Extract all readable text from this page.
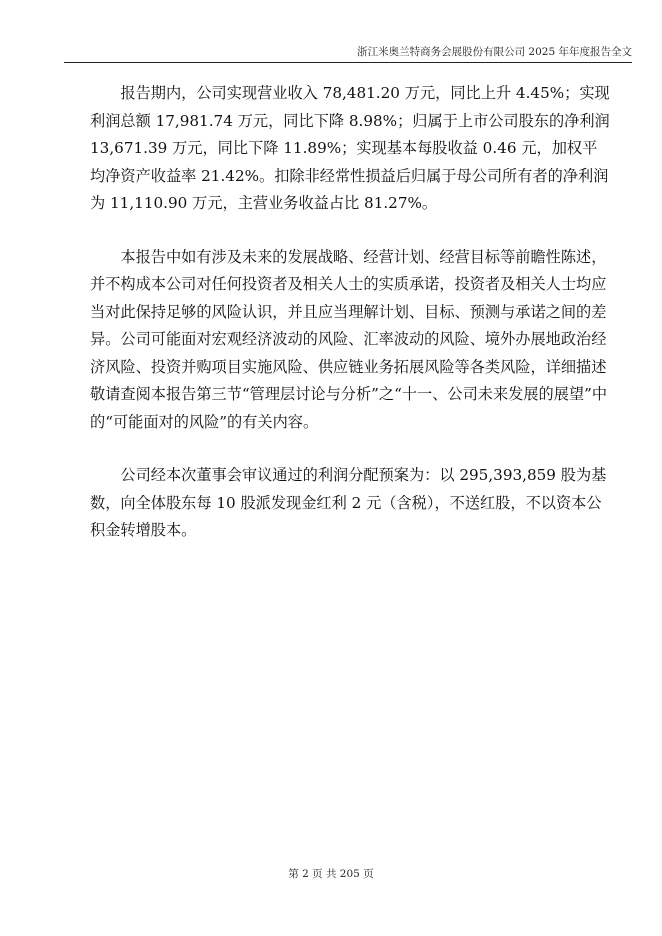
浙江米奥兰特商务会展股份有限公司 2025 年年度报告全文

报告期内，公司实现营业收入 78,481.20 万元，同比上升 4.45%；实现利润总额 17,981.74 万元，同比下降 8.98%；归属于上市公司股东的净利润 13,671.39 万元，同比下降 11.89%；实现基本每股收益 0.46 元，加权平均净资产收益率 21.42%。扣除非经常性损益后归属于母公司所有者的净利润为 11,110.90 万元，主营业务收益占比 81.27%。

本报告中如有涉及未来的发展战略、经营计划、经营目标等前瞻性陈述，并不构成本公司对任何投资者及相关人士的实质承诺，投资者及相关人士均应当对此保持足够的风险认识，并且应当理解计划、目标、预测与承诺之间的差异。公司可能面对宏观经济波动的风险、汇率波动的风险、境外办展地政治经济风险、投资并购项目实施风险、供应链业务拓展风险等各类风险，详细描述敬请查阅本报告第三节“管理层讨论与分析”之“十一、公司未来发展的展望”中的“可能面对的风险”的有关内容。

公司经本次董事会审议通过的利润分配预案为：以 295,393,859 股为基数，向全体股东每 10 股派发现金红利 2 元（含税），不送红股，不以资本公积金转增股本。

第 2 页 共 205 页
